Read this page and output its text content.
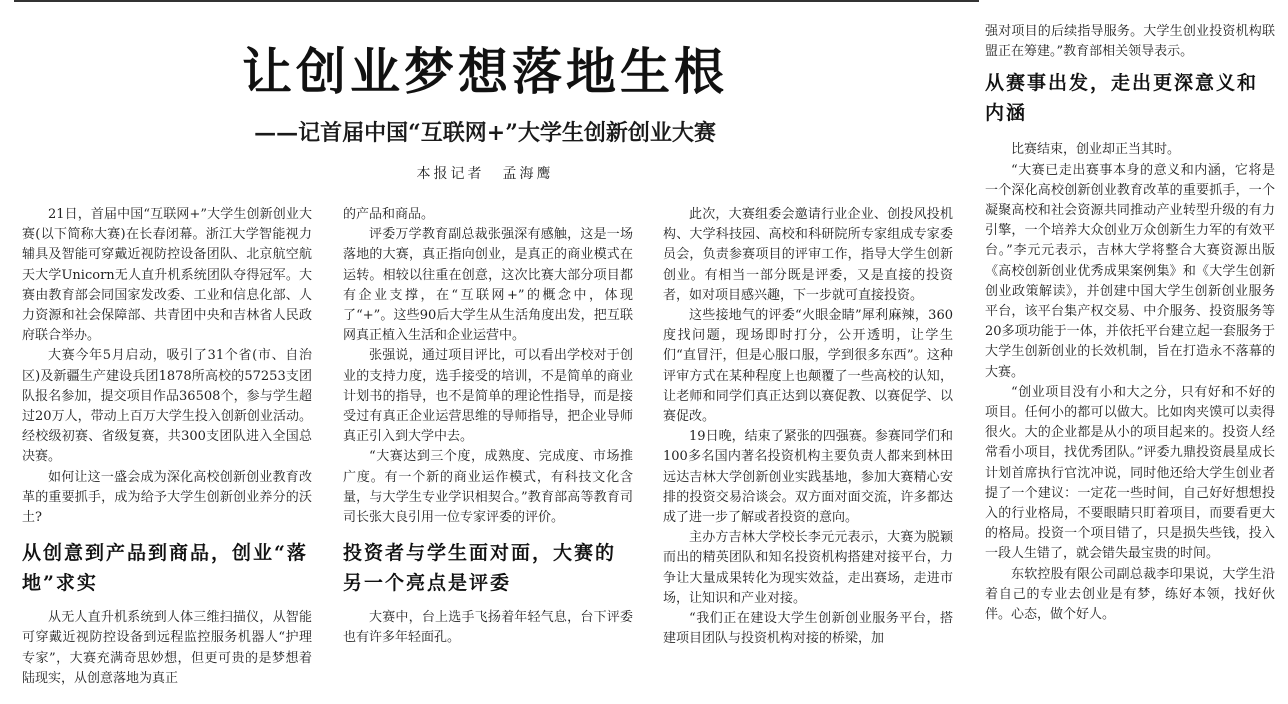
让创业梦想落地生根
——记首届中国“互联网+”大学生创新创业大赛
本报记者 孟海鹰

21日，首届中国“互联网+”大学生创新创业大赛(以下简称大赛)在长春闭幕。浙江大学智能视力辅具及智能可穿戴近视防控设备团队、北京航空航天大学Unicorn无人直升机系统团队夺得冠军。大赛由教育部会同国家发改委、工业和信息化部、人力资源和社会保障部、共青团中央和吉林省人民政府联合举办。

大赛今年5月启动，吸引了31个省(市、自治区)及新疆生产建设兵团1878所高校的57253支团队报名参加，提交项目作品36508个，参与学生超过20万人，带动上百万大学生投入创新创业活动。经校级初赛、省级复赛，共300支团队进入全国总决赛。

如何让这一盛会成为深化高校创新创业教育改革的重要抓手，成为给予大学生创新创业养分的沃土?

从创意到产品到商品，创业“落地”求实

从无人直升机系统到人体三维扫描仪，从智能可穿戴近视防控设备到远程监控服务机器人“护理专家”，大赛充满奇思妙想，但更可贵的是梦想着陆现实，从创意落地为真正

的产品和商品。

评委万学教育副总裁张强深有感触，这是一场落地的大赛，真正指向创业，是真正的商业模式在运转。相较以往重在创意，这次比赛大部分项目都有企业支撑，在“互联网+”的概念中，体现了“+”。这些90后大学生从生活角度出发，把互联网真正植入生活和企业运营中。

张强说，通过项目评比，可以看出学校对于创业的支持力度，选手接受的培训，不是简单的商业计划书的指导，也不是简单的理论性指导，而是接受过有真正企业运营思维的导师指导，把企业导师真正引入到大学中去。

“大赛达到三个度，成熟度、完成度、市场推广度。有一个新的商业运作模式，有科技文化含量，与大学生专业学识相契合。”教育部高等教育司司长张大良引用一位专家评委的评价。

投资者与学生面对面，大赛的另一个亮点是评委

大赛中，台上选手飞扬着年轻气息，台下评委也有许多年轻面孔。

此次，大赛组委会邀请行业企业、创投风投机构、大学科技园、高校和科研院所专家组成专家委员会，负责参赛项目的评审工作，指导大学生创新创业。有相当一部分既是评委，又是直接的投资者，如对项目感兴趣，下一步就可直接投资。

这些接地气的评委“火眼金睛”犀利麻辣，360度找问题，现场即时打分，公开透明，让学生们“直冒汗，但是心服口服，学到很多东西”。这种评审方式在某种程度上也颠覆了一些高校的认知，让老师和同学们真正达到以赛促教、以赛促学、以赛促改。

19日晚，结束了紧张的四强赛。参赛同学们和100多名国内著名投资机构主要负责人都来到林田远达吉林大学创新创业实践基地，参加大赛精心安排的投资交易洽谈会。双方面对面交流，许多都达成了进一步了解或者投资的意向。

主办方吉林大学校长李元元表示，大赛为脱颖而出的精英团队和知名投资机构搭建对接平台，力争让大量成果转化为现实效益，走出赛场，走进市场，让知识和产业对接。

“我们正在建设大学生创新创业服务平台，搭建项目团队与投资机构对接的桥梁，加

强对项目的后续指导服务。大学生创业投资机构联盟正在筹建。”教育部相关领导表示。

从赛事出发，走出更深意义和内涵

比赛结束，创业却正当其时。

“大赛已走出赛事本身的意义和内涵，它将是一个深化高校创新创业教育改革的重要抓手，一个凝聚高校和社会资源共同推动产业转型升级的有力引擎，一个培养大众创业万众创新生力军的有效平台。”李元元表示，吉林大学将整合大赛资源出版《高校创新创业优秀成果案例集》和《大学生创新创业政策解读》，并创建中国大学生创新创业服务平台，该平台集产权交易、中介服务、投资服务等20多项功能于一体，并依托平台建立起一套服务于大学生创新创业的长效机制，旨在打造永不落幕的大赛。

“创业项目没有小和大之分，只有好和不好的项目。任何小的都可以做大。比如肉夹馍可以卖得很火。大的企业都是从小的项目起来的。投资人经常看小项目，找优秀团队。”评委九鼎投资晨星成长计划首席执行官沈冲说，同时他还给大学生创业者提了一个建议：一定花一些时间，自己好好想想投入的行业格局，不要眼睛只盯着项目，而要看更大的格局。投资一个项目错了，只是损失些钱，投入一段人生错了，就会错失最宝贵的时间。

东软控股有限公司副总裁李印果说，大学生沿着自己的专业去创业是有梦，练好本领，找好伙伴。心态，做个好人。
